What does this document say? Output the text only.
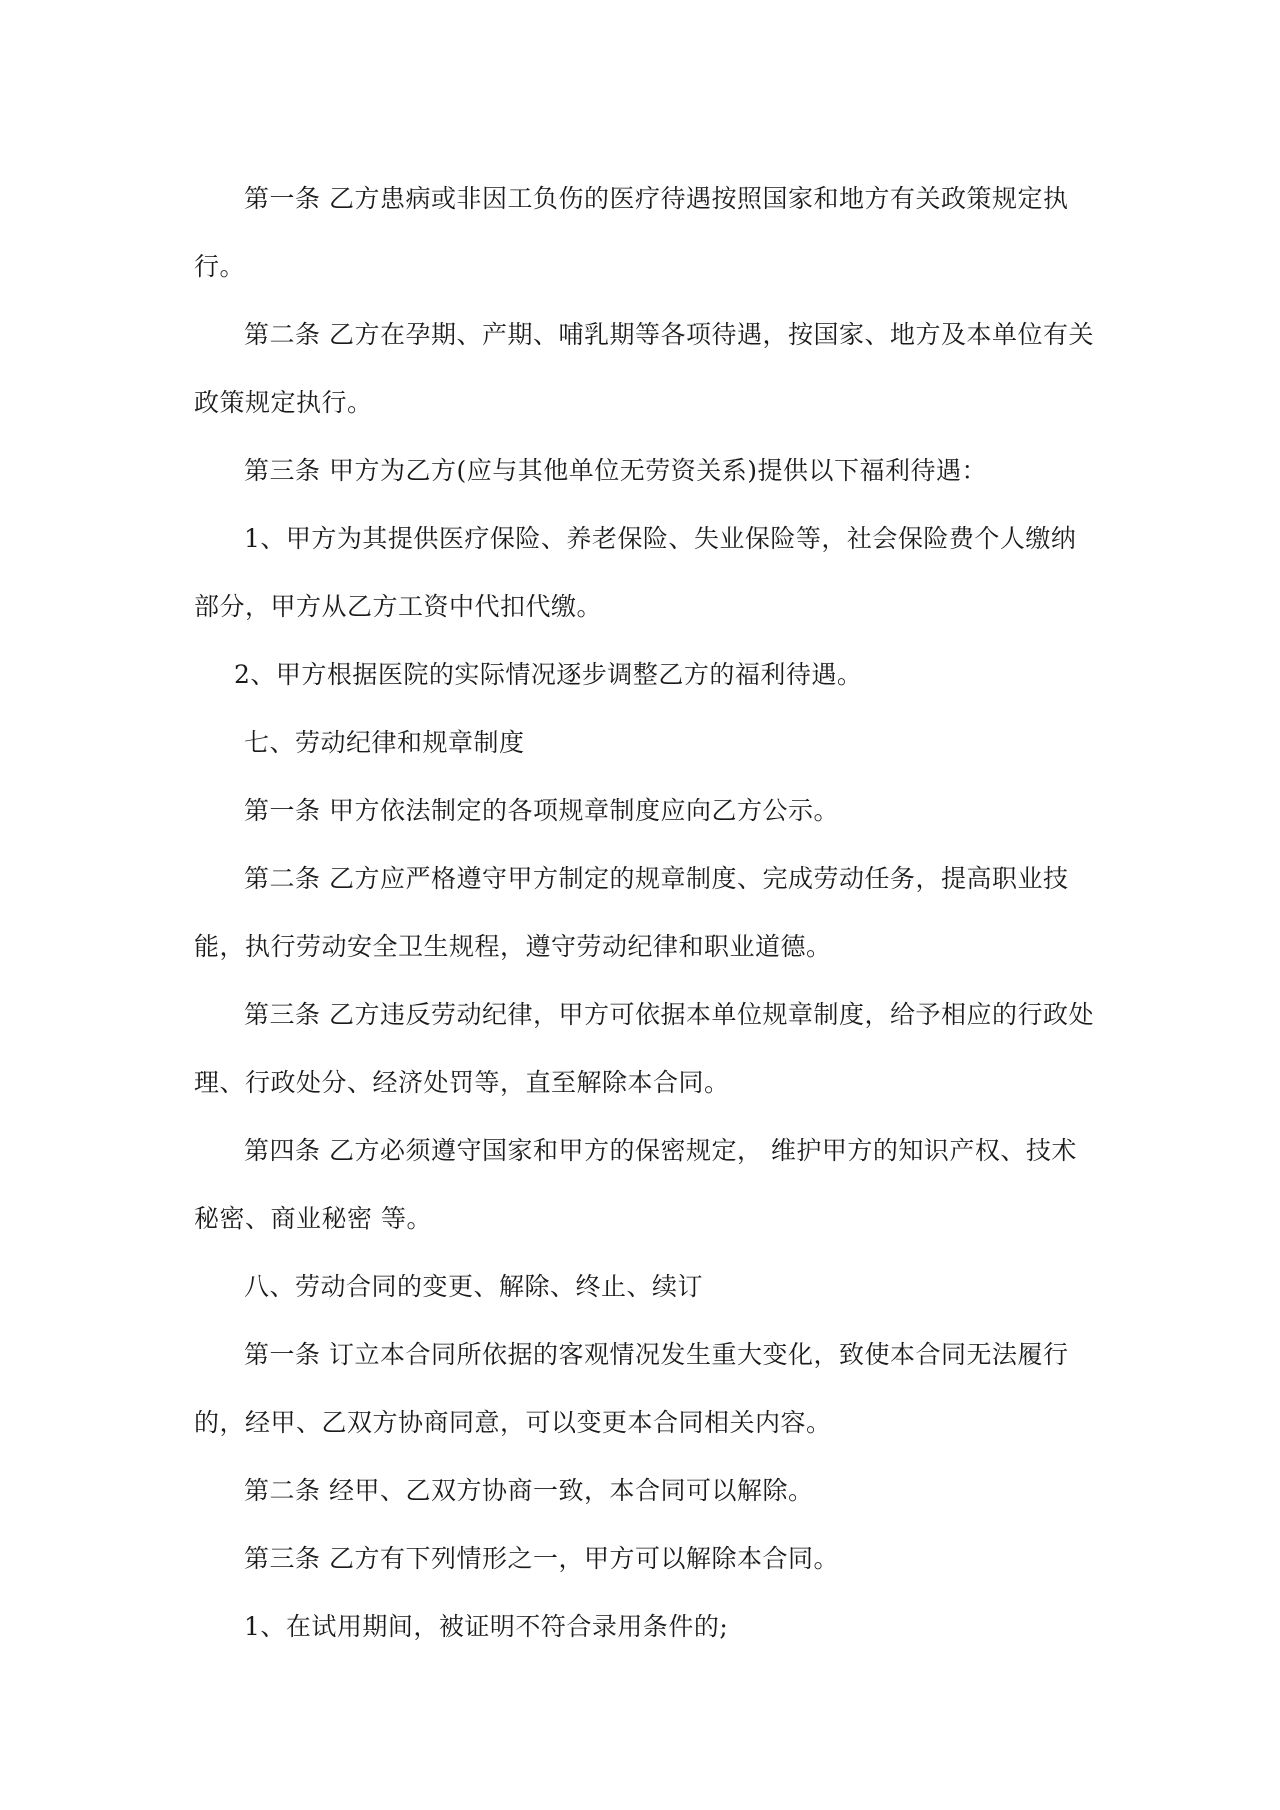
第一条 乙方患病或非因工负伤的医疗待遇按照国家和地方有关政策规定执行。

第二条 乙方在孕期、产期、哺乳期等各项待遇，按国家、地方及本单位有关政策规定执行。

第三条 甲方为乙方(应与其他单位无劳资关系)提供以下福利待遇：

1、甲方为其提供医疗保险、养老保险、失业保险等，社会保险费个人缴纳部分，甲方从乙方工资中代扣代缴。

2、甲方根据医院的实际情况逐步调整乙方的福利待遇。

七、劳动纪律和规章制度

第一条 甲方依法制定的各项规章制度应向乙方公示。

第二条 乙方应严格遵守甲方制定的规章制度、完成劳动任务，提高职业技能，执行劳动安全卫生规程，遵守劳动纪律和职业道德。

第三条 乙方违反劳动纪律，甲方可依据本单位规章制度，给予相应的行政处理、行政处分、经济处罚等，直至解除本合同。

第四条 乙方必须遵守国家和甲方的保密规定， 维护甲方的知识产权、技术秘密、商业秘密 等。

八、劳动合同的变更、解除、终止、续订

第一条 订立本合同所依据的客观情况发生重大变化，致使本合同无法履行的，经甲、乙双方协商同意，可以变更本合同相关内容。

第二条 经甲、乙双方协商一致，本合同可以解除。

第三条 乙方有下列情形之一，甲方可以解除本合同。

1、在试用期间，被证明不符合录用条件的;
